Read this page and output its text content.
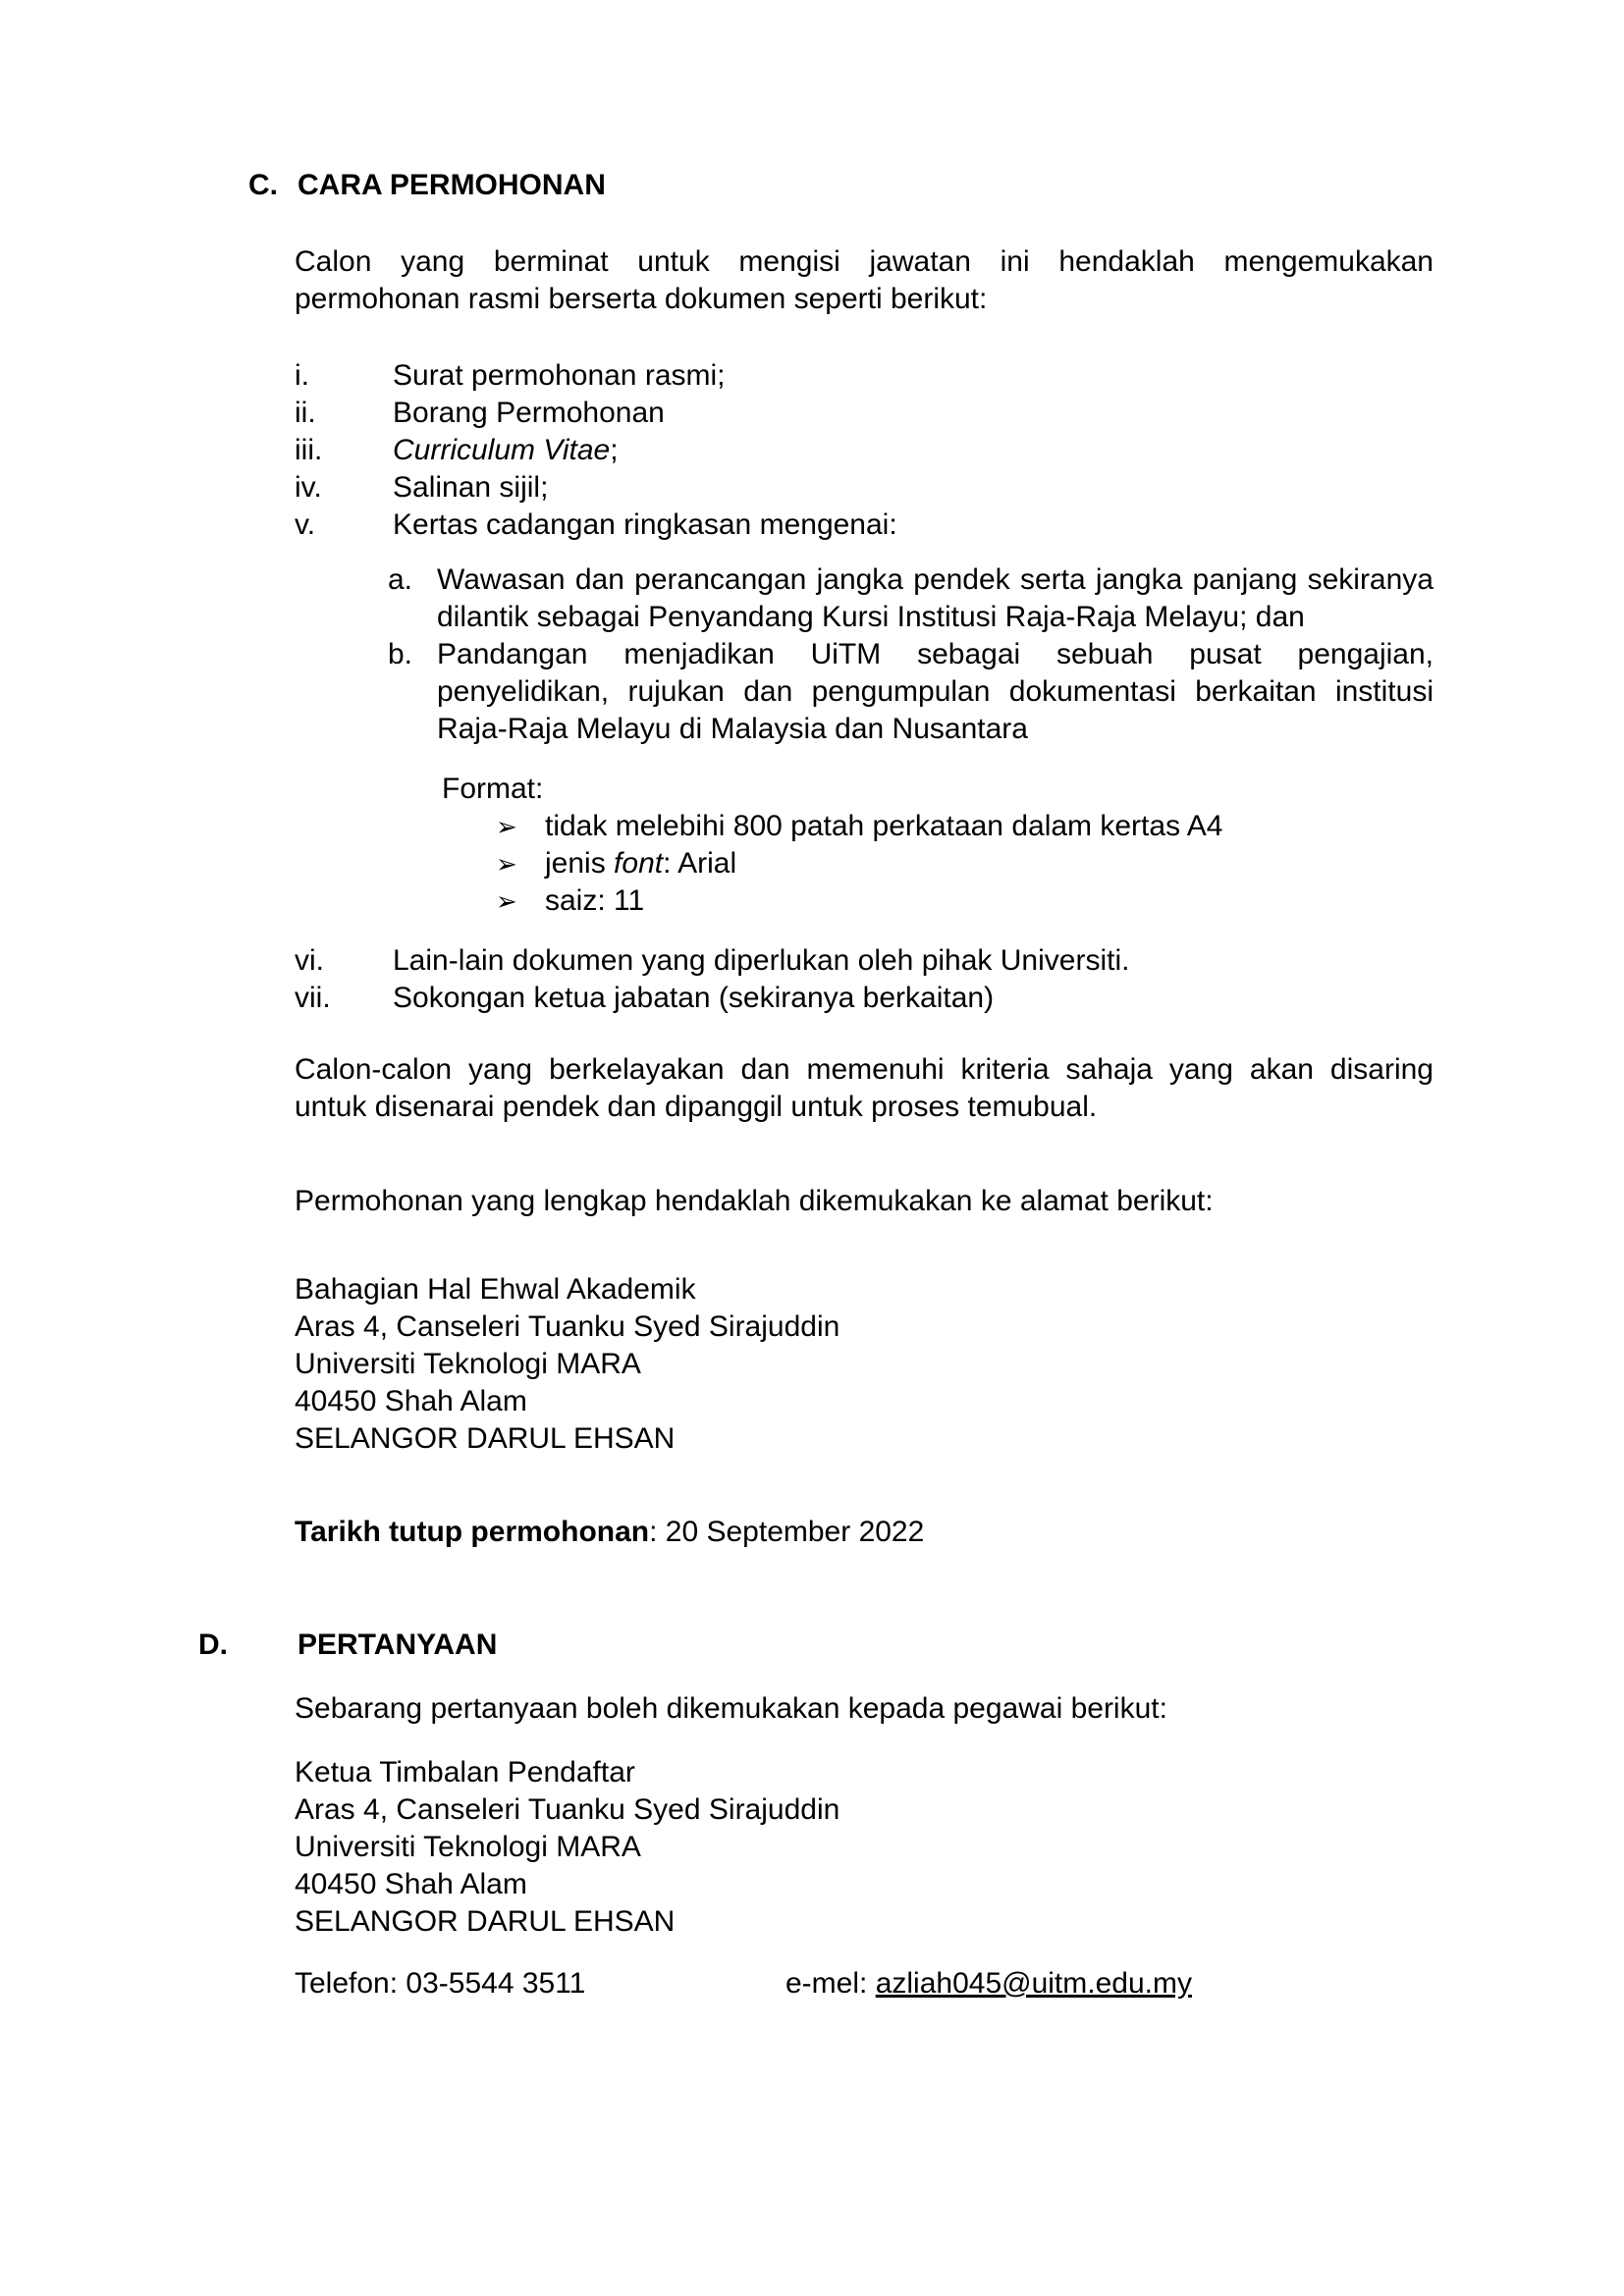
C. CARA PERMOHONAN

Calon yang berminat untuk mengisi jawatan ini hendaklah mengemukakan permohonan rasmi berserta dokumen seperti berikut:

i.	Surat permohonan rasmi;
ii.	Borang Permohonan
iii.	Curriculum Vitae;
iv.	Salinan sijil;
v.	Kertas cadangan ringkasan mengenai:
a. Wawasan dan perancangan jangka pendek serta jangka panjang sekiranya dilantik sebagai Penyandang Kursi Institusi Raja-Raja Melayu; dan
b. Pandangan menjadikan UiTM sebagai sebuah pusat pengajian, penyelidikan, rujukan dan pengumpulan dokumentasi berkaitan institusi Raja-Raja Melayu di Malaysia dan Nusantara

Format:

➢ tidak melebihi 800 patah perkataan dalam kertas A4
➢ jenis font: Arial
➢ saiz: 11
vi.	Lain-lain dokumen yang diperlukan oleh pihak Universiti.
vii.	Sokongan ketua jabatan (sekiranya berkaitan)

Calon-calon yang berkelayakan dan memenuhi kriteria sahaja yang akan disaring untuk disenarai pendek dan dipanggil untuk proses temubual.

Permohonan yang lengkap hendaklah dikemukakan ke alamat berikut:

Bahagian Hal Ehwal Akademik
Aras 4, Canseleri Tuanku Syed Sirajuddin
Universiti Teknologi MARA
40450 Shah Alam
SELANGOR DARUL EHSAN

Tarikh tutup permohonan: 20 September 2022

D.	PERTANYAAN

Sebarang pertanyaan boleh dikemukakan kepada pegawai berikut:

Ketua Timbalan Pendaftar
Aras 4, Canseleri Tuanku Syed Sirajuddin
Universiti Teknologi MARA
40450 Shah Alam
SELANGOR DARUL EHSAN
Telefon: 03-5544 3511	e-mel: azliah045@uitm.edu.my
